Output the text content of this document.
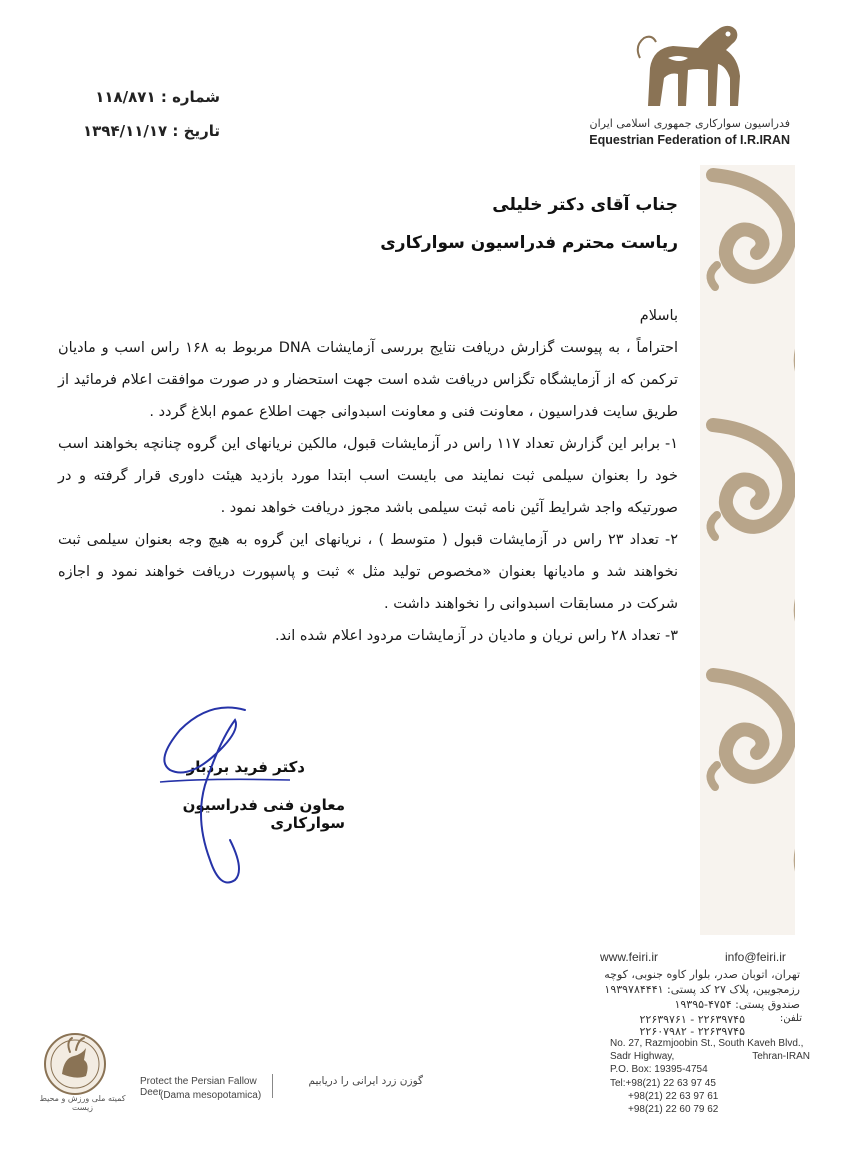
شماره : ۱۱۸/۸۷۱
تاریخ : ۱۳۹۴/۱۱/۱۷	فدراسیون سوارکاری جمهوری اسلامی ایران
Equestrian Federation of I.R.IRAN
جناب آقای دکتر خلیلی
ریاست محترم فدراسیون سوارکاری

باسلام

احتراماً ، به پیوست گزارش دریافت نتایج بررسی آزمایشات DNA مربوط به ۱۶۸ راس اسب و مادیان ترکمن که از آزمایشگاه تگزاس دریافت شده است جهت استحضار و در صورت موافقت اعلام فرمائید از طریق سایت فدراسیون ، معاونت فنی و معاونت اسبدوانی جهت اطلاع عموم ابلاغ گردد .

۱- برابر این گزارش تعداد ۱۱۷ راس در آزمایشات قبول، مالکین نریانهای این گروه چنانچه بخواهند اسب خود را بعنوان سیلمی ثبت نمایند می بایست اسب ابتدا مورد بازدید هیئت داوری قرار گرفته و در صورتیکه واجد شرایط آئین نامه ثبت سیلمی باشد مجوز دریافت خواهد نمود .

۲- تعداد ۲۳ راس در آزمایشات قبول ( متوسط ) ، نریانهای این گروه به هیچ وجه بعنوان سیلمی ثبت نخواهند شد و مادیانها بعنوان «مخصوص تولید مثل » ثبت و پاسپورت دریافت خواهند نمود و اجازه شرکت در مسابقات اسبدوانی را نخواهند داشت .

۳- تعداد ۲۸ راس نریان و مادیان در آزمایشات مردود اعلام شده اند.

دکتر فرید بردبار
معاون فنی فدراسیون سوارکاری
www.feiri.ir	info@feiri.ir
تهران، اتوبان صدر، بلوار کاوه جنوبی، کوچه
رزمجویین، پلاک ۲۷ کد پستی: ۱۹۳۹۷۸۴۴۴۱
صندوق پستی: ۴۷۵۴-۱۹۳۹۵
تلفن:
۲۲۶۳۹۷۶۱ - ۲۲۶۳۹۷۴۵
۲۲۶۰۷۹۸۲ - ۲۲۶۳۹۷۴۵
No. 27, Razmjoobin St., South Kaveh Blvd.,
Sadr Highway,	Tehran-IRAN
P.O. Box: 19395-4754
Tel:+98(21) 22 63 97 45
+98(21) 22 63 97 61
+98(21) 22 60 79 62
کمیته ملی ورزش و محیط زیست
Protect the Persian Fallow Deer
(Dama mesopotamica)
گوزن زرد ایرانی را دریابیم
